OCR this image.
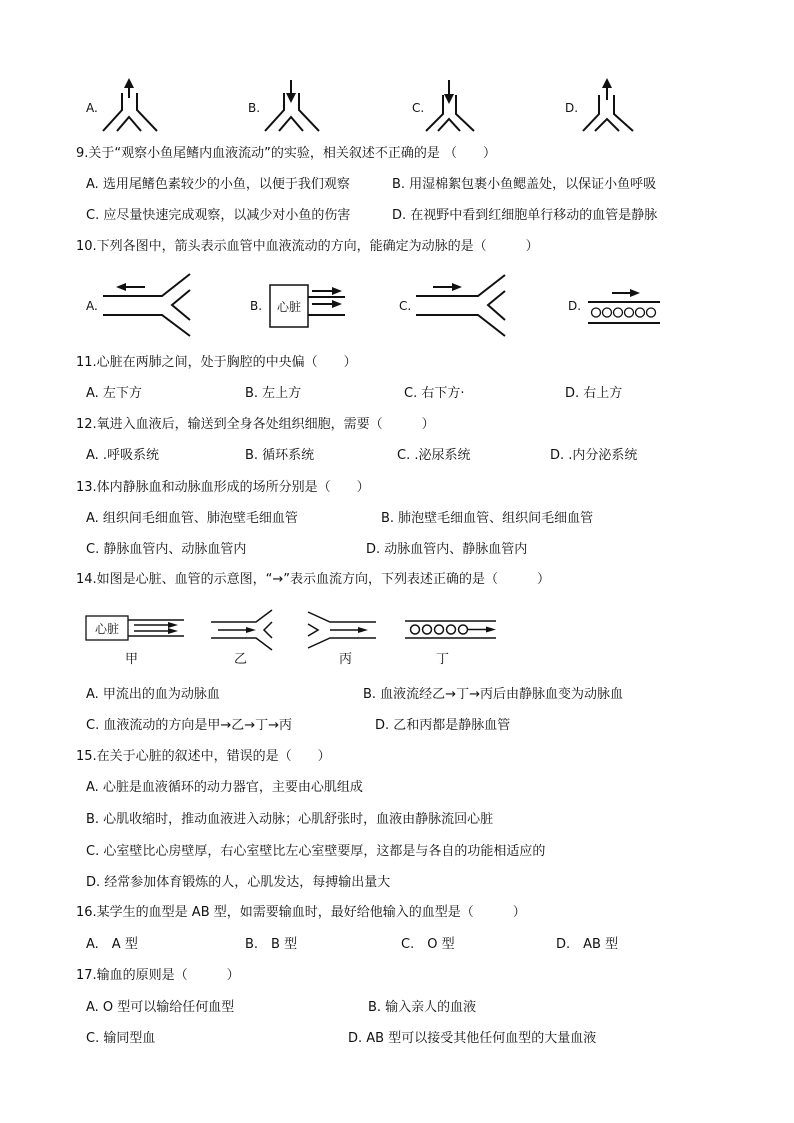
A.	B.	C.	D.
9.关于“观察小鱼尾鳍内血液流动”的实验，相关叙述不正确的是 （　　）
A. 选用尾鳍色素较少的小鱼，以便于我们观察	B. 用湿棉絮包裹小鱼鳃盖处，以保证小鱼呼吸
C. 应尽量快速完成观察，以减少对小鱼的伤害	D. 在视野中看到红细胞单行移动的血管是静脉
10.下列各图中，箭头表示血管中血液流动的方向，能确定为动脉的是（　　　）
A.	B. 心脏	C.	D.
11.心脏在两肺之间，处于胸腔的中央偏（　　）
A. 左下方	B. 左上方	C. 右下方·	D. 右上方
12.氧进入血液后，输送到全身各处组织细胞，需要（　　　）
A. .呼吸系统	B. 循环系统	C. .泌尿系统	D. .内分泌系统
13.体内静脉血和动脉血形成的场所分别是（　　）
A. 组织间毛细血管、肺泡壁毛细血管	B. 肺泡壁毛细血管、组织间毛细血管
C. 静脉血管内、动脉血管内	D. 动脉血管内、静脉血管内
14.如图是心脏、血管的示意图，“→”表示血流方向，下列表述正确的是（　　　）
心脏
甲	乙	丙	丁
A. 甲流出的血为动脉血	B. 血液流经乙→丁→丙后由静脉血变为动脉血
C. 血液流动的方向是甲→乙→丁→丙	D. 乙和丙都是静脉血管
15.在关于心脏的叙述中，错误的是（　　）
A. 心脏是血液循环的动力器官，主要由心肌组成
B. 心肌收缩时，推动血液进入动脉；心肌舒张时，血液由静脉流回心脏
C. 心室壁比心房壁厚，右心室壁比左心室壁要厚，这都是与各自的功能相适应的
D. 经常参加体育锻炼的人，心肌发达，每搏输出量大
16.某学生的血型是 AB 型，如需要输血时，最好给他输入的血型是（　　　）
A.　A 型	B.　B 型	C.　O 型	D.　AB 型
17.输血的原则是（　　　）
A. O 型可以输给任何血型	B. 输入亲人的血液
C. 输同型血	D. AB 型可以接受其他任何血型的大量血液
